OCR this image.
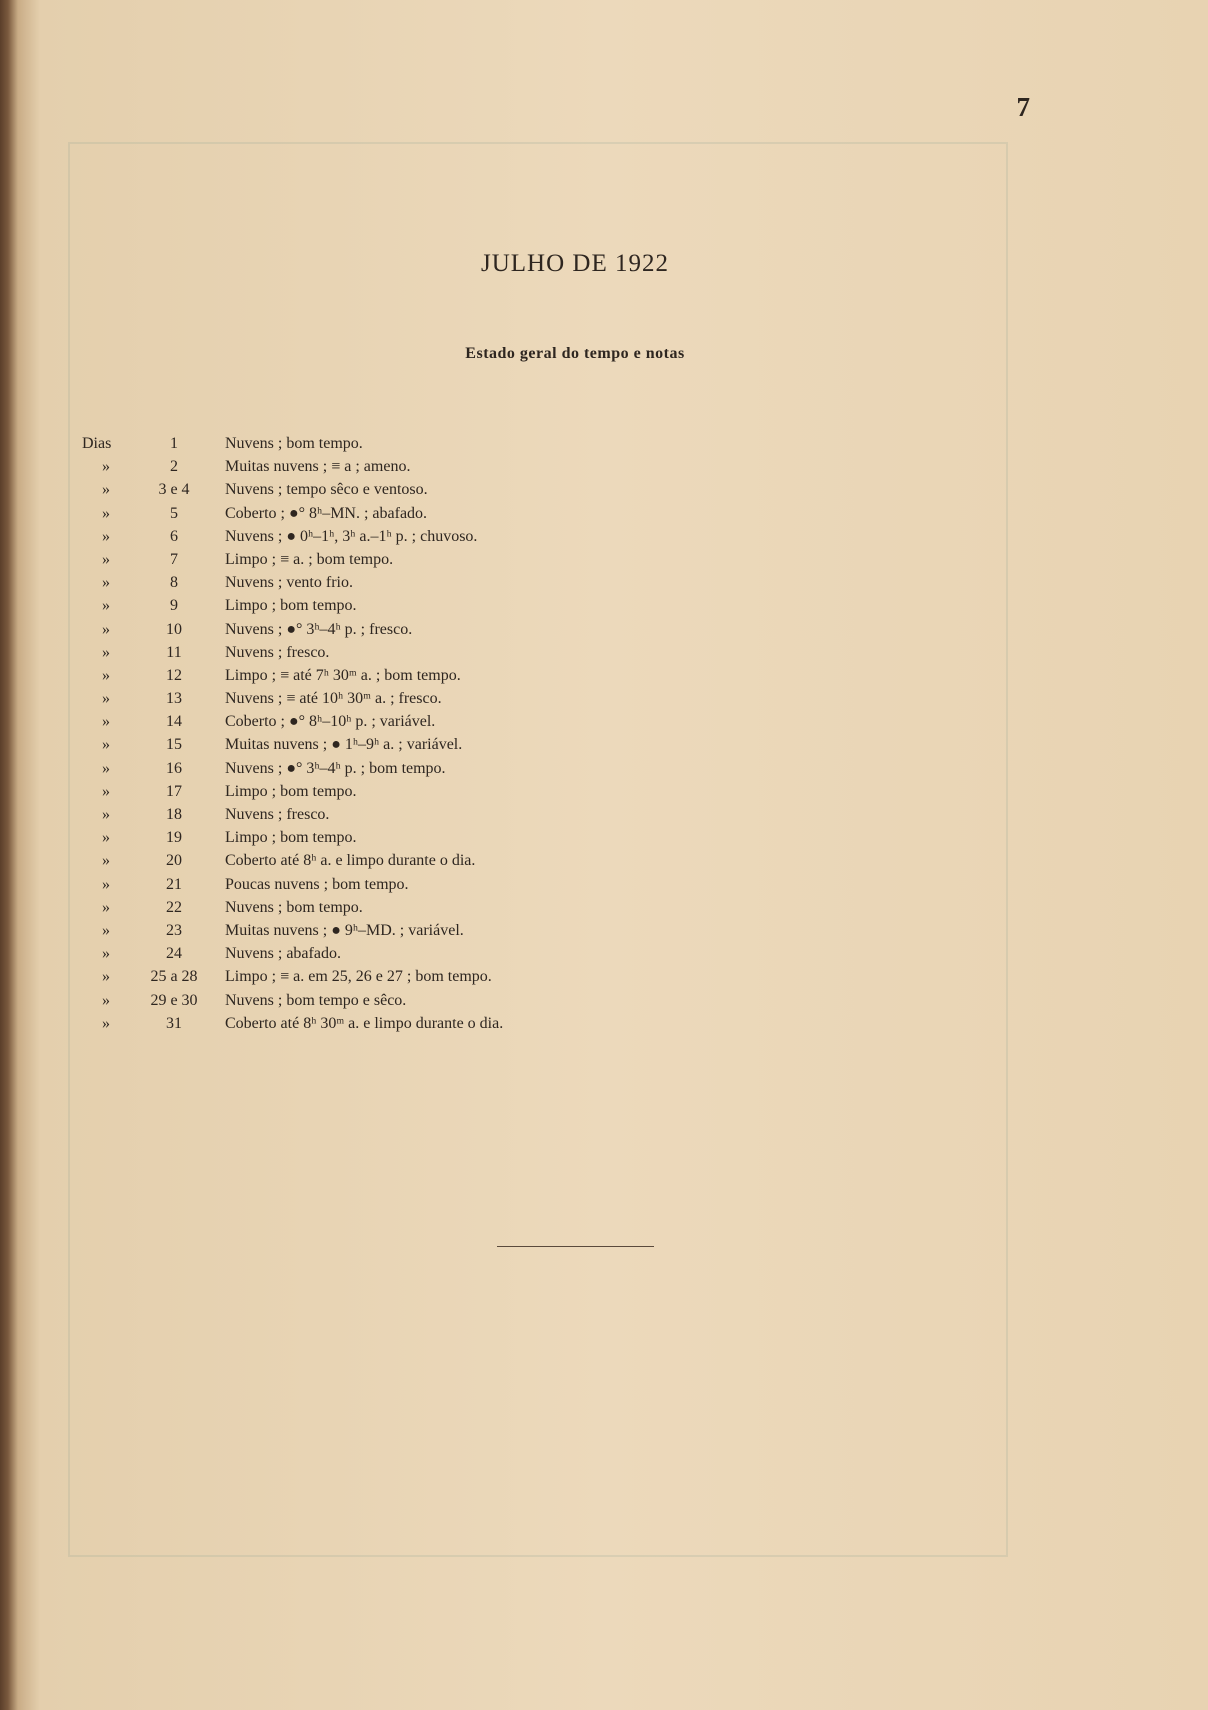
7
JULHO DE 1922
Estado geral do tempo e notas
Dias	1	Nuvens ; bom tempo.
»	2	Muitas nuvens ; ≡ a ; ameno.
»	3 e 4	Nuvens ; tempo sêco e ventoso.
»	5	Coberto ; ●° 8ʰ–MN. ; abafado.
»	6	Nuvens ; ● 0ʰ–1ʰ, 3ʰ a.–1ʰ p. ; chuvoso.
»	7	Limpo ; ≡ a. ; bom tempo.
»	8	Nuvens ; vento frio.
»	9	Limpo ; bom tempo.
»	10	Nuvens ; ●° 3ʰ–4ʰ p. ; fresco.
»	11	Nuvens ; fresco.
»	12	Limpo ; ≡ até 7ʰ 30ᵐ a. ; bom tempo.
»	13	Nuvens ; ≡ até 10ʰ 30ᵐ a. ; fresco.
»	14	Coberto ; ●° 8ʰ–10ʰ p. ; variável.
»	15	Muitas nuvens ; ● 1ʰ–9ʰ a. ; variável.
»	16	Nuvens ; ●° 3ʰ–4ʰ p. ; bom tempo.
»	17	Limpo ; bom tempo.
»	18	Nuvens ; fresco.
»	19	Limpo ; bom tempo.
»	20	Coberto até 8ʰ a. e limpo durante o dia.
»	21	Poucas nuvens ; bom tempo.
»	22	Nuvens ; bom tempo.
»	23	Muitas nuvens ; ● 9ʰ–MD. ; variável.
»	24	Nuvens ; abafado.
»	25 a 28	Limpo ; ≡ a. em 25, 26 e 27 ; bom tempo.
»	29 e 30	Nuvens ; bom tempo e sêco.
»	31	Coberto até 8ʰ 30ᵐ a. e limpo durante o dia.
